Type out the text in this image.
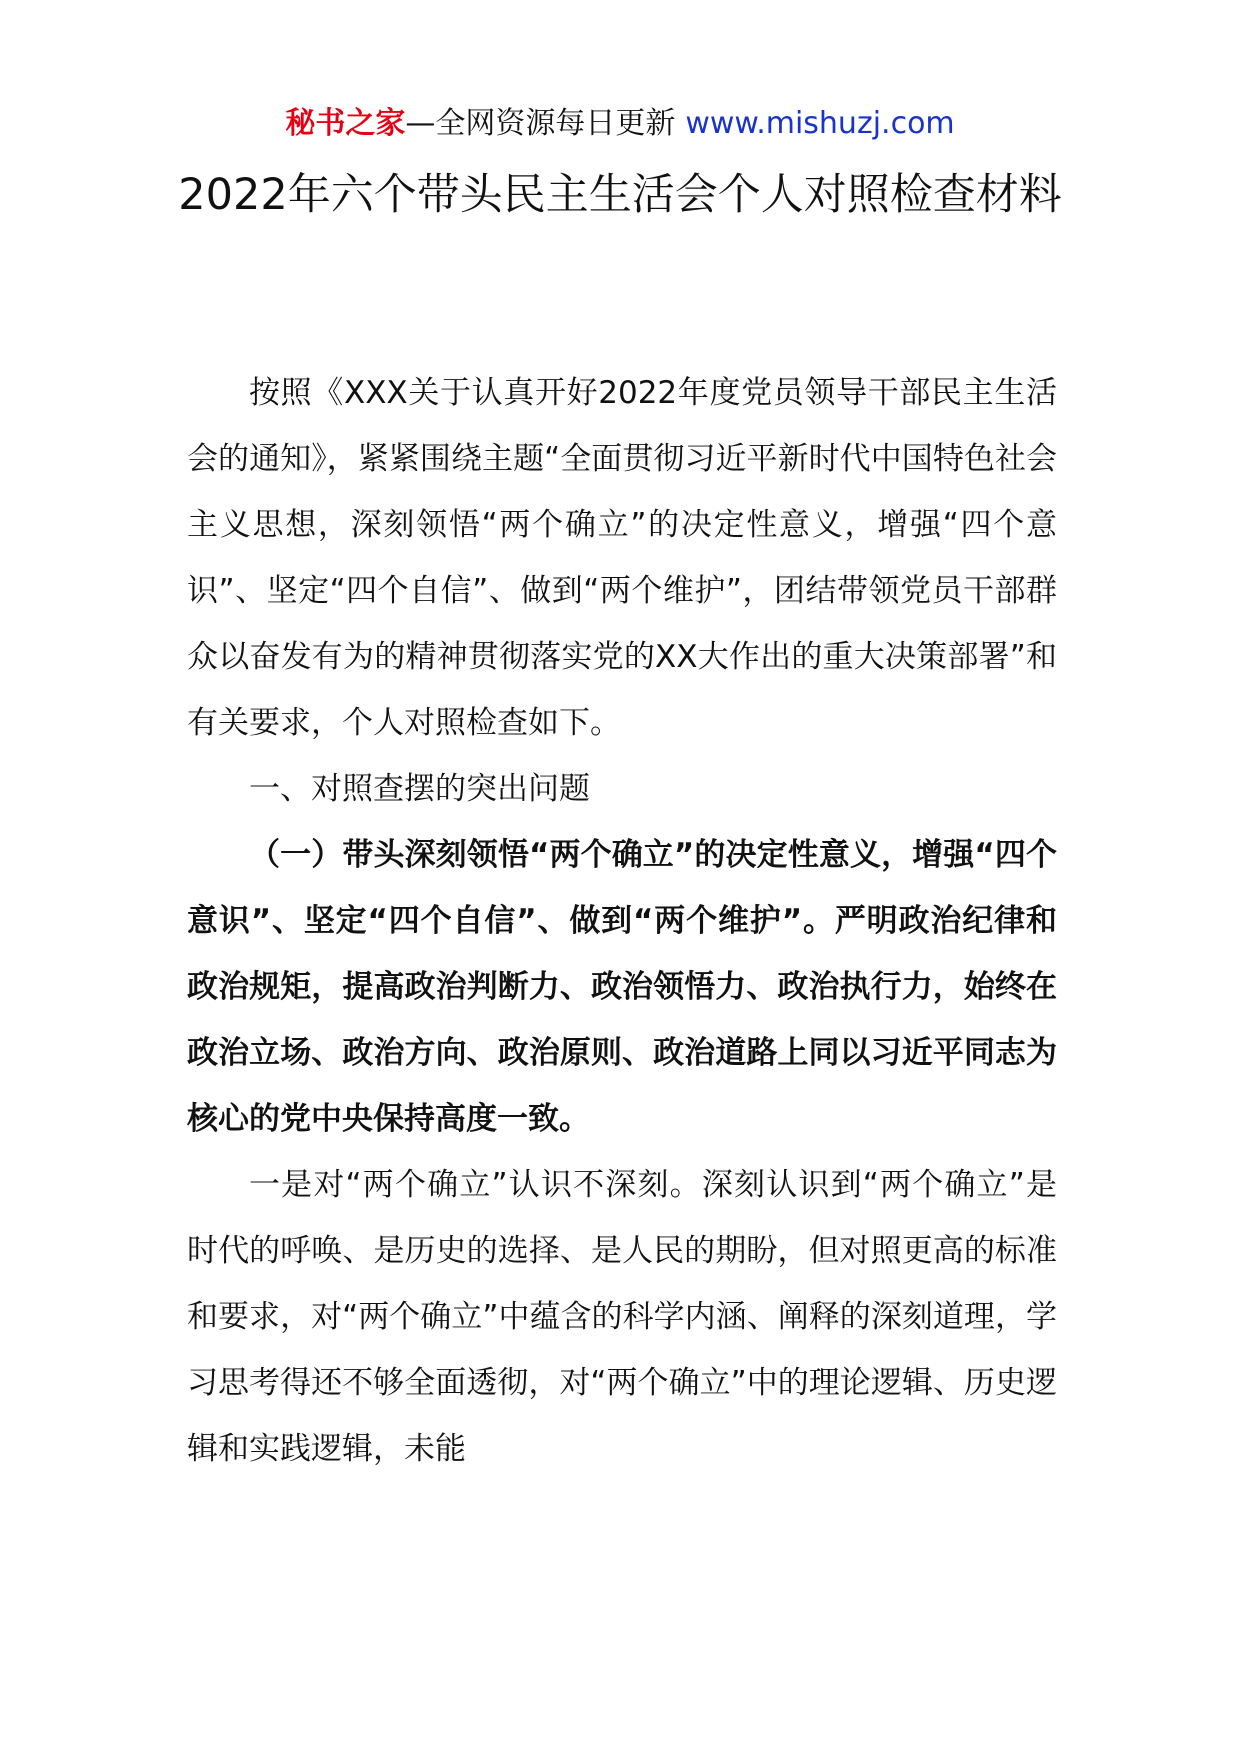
秘书之家—全网资源每日更新 www.mishuzj.com
2022年六个带头民主生活会个人对照检查材料

按照《XXX关于认真开好2022年度党员领导干部民主生活会的通知》，紧紧围绕主题“全面贯彻习近平新时代中国特色社会主义思想，深刻领悟“两个确立”的决定性意义，增强“四个意识”、坚定“四个自信”、做到“两个维护”，团结带领党员干部群众以奋发有为的精神贯彻落实党的XX大作出的重大决策部署”和有关要求，个人对照检查如下。

一、对照查摆的突出问题

（一）带头深刻领悟“两个确立”的决定性意义，增强“四个意识”、坚定“四个自信”、做到“两个维护”。严明政治纪律和政治规矩，提高政治判断力、政治领悟力、政治执行力，始终在政治立场、政治方向、政治原则、政治道路上同以习近平同志为核心的党中央保持高度一致。

一是对“两个确立”认识不深刻。深刻认识到“两个确立”是时代的呼唤、是历史的选择、是人民的期盼，但对照更高的标准和要求，对“两个确立”中蕴含的科学内涵、阐释的深刻道理，学习思考得还不够全面透彻，对“两个确立”中的理论逻辑、历史逻辑和实践逻辑，未能
